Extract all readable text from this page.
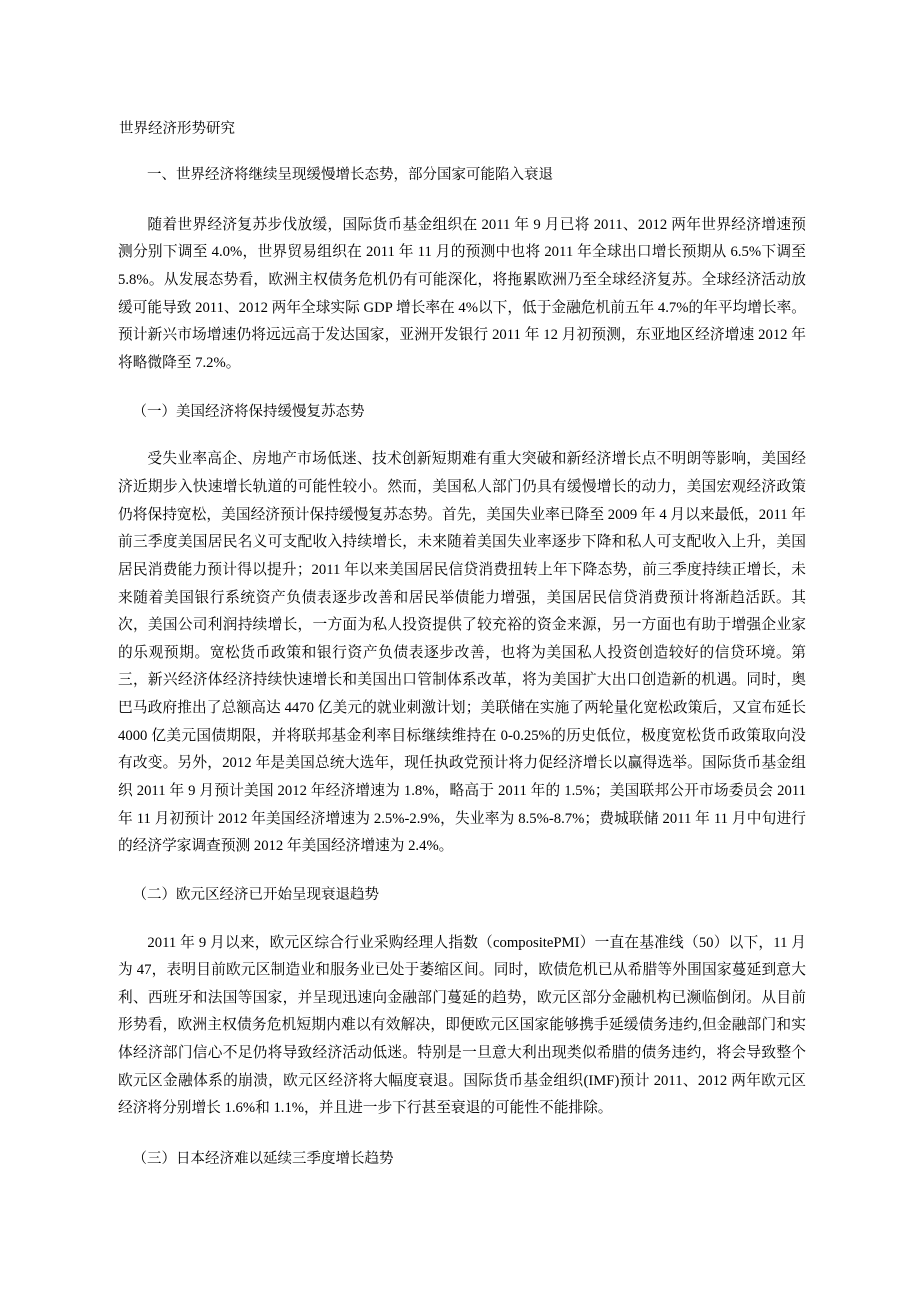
世界经济形势研究
一、世界经济将继续呈现缓慢增长态势，部分国家可能陷入衰退

随着世界经济复苏步伐放缓，国际货币基金组织在 2011 年 9 月已将 2011、2012 两年世界经济增速预测分别下调至 4.0%，世界贸易组织在 2011 年 11 月的预测中也将 2011 年全球出口增长预期从 6.5%下调至 5.8%。从发展态势看，欧洲主权债务危机仍有可能深化，将拖累欧洲乃至全球经济复苏。全球经济活动放缓可能导致 2011、2012 两年全球实际 GDP 增长率在 4%以下，低于金融危机前五年 4.7%的年平均增长率。预计新兴市场增速仍将远远高于发达国家，亚洲开发银行 2011 年 12 月初预测，东亚地区经济增速 2012 年将略微降至 7.2%。

（一）美国经济将保持缓慢复苏态势

受失业率高企、房地产市场低迷、技术创新短期难有重大突破和新经济增长点不明朗等影响，美国经济近期步入快速增长轨道的可能性较小。然而，美国私人部门仍具有缓慢增长的动力，美国宏观经济政策仍将保持宽松，美国经济预计保持缓慢复苏态势。首先，美国失业率已降至 2009 年 4 月以来最低，2011 年前三季度美国居民名义可支配收入持续增长，未来随着美国失业率逐步下降和私人可支配收入上升，美国居民消费能力预计得以提升；2011 年以来美国居民信贷消费扭转上年下降态势，前三季度持续正增长，未来随着美国银行系统资产负债表逐步改善和居民举债能力增强，美国居民信贷消费预计将渐趋活跃。其次，美国公司利润持续增长，一方面为私人投资提供了较充裕的资金来源，另一方面也有助于增强企业家的乐观预期。宽松货币政策和银行资产负债表逐步改善，也将为美国私人投资创造较好的信贷环境。第三，新兴经济体经济持续快速增长和美国出口管制体系改革，将为美国扩大出口创造新的机遇。同时，奥巴马政府推出了总额高达 4470 亿美元的就业刺激计划；美联储在实施了两轮量化宽松政策后，又宣布延长 4000 亿美元国债期限，并将联邦基金利率目标继续维持在 0-0.25%的历史低位，极度宽松货币政策取向没有改变。另外，2012 年是美国总统大选年，现任执政党预计将力促经济增长以赢得选举。国际货币基金组织 2011 年 9 月预计美国 2012 年经济增速为 1.8%，略高于 2011 年的 1.5%；美国联邦公开市场委员会 2011 年 11 月初预计 2012 年美国经济增速为 2.5%-2.9%，失业率为 8.5%-8.7%；费城联储 2011 年 11 月中旬进行的经济学家调查预测 2012 年美国经济增速为 2.4%。

（二）欧元区经济已开始呈现衰退趋势

2011 年 9 月以来，欧元区综合行业采购经理人指数（compositePMI）一直在基准线（50）以下，11 月为 47，表明目前欧元区制造业和服务业已处于萎缩区间。同时，欧债危机已从希腊等外围国家蔓延到意大利、西班牙和法国等国家，并呈现迅速向金融部门蔓延的趋势，欧元区部分金融机构已濒临倒闭。从目前形势看，欧洲主权债务危机短期内难以有效解决，即便欧元区国家能够携手延缓债务违约,但金融部门和实体经济部门信心不足仍将导致经济活动低迷。特别是一旦意大利出现类似希腊的债务违约，将会导致整个欧元区金融体系的崩溃，欧元区经济将大幅度衰退。国际货币基金组织(IMF)预计 2011、2012 两年欧元区经济将分别增长 1.6%和 1.1%，并且进一步下行甚至衰退的可能性不能排除。

（三）日本经济难以延续三季度增长趋势
